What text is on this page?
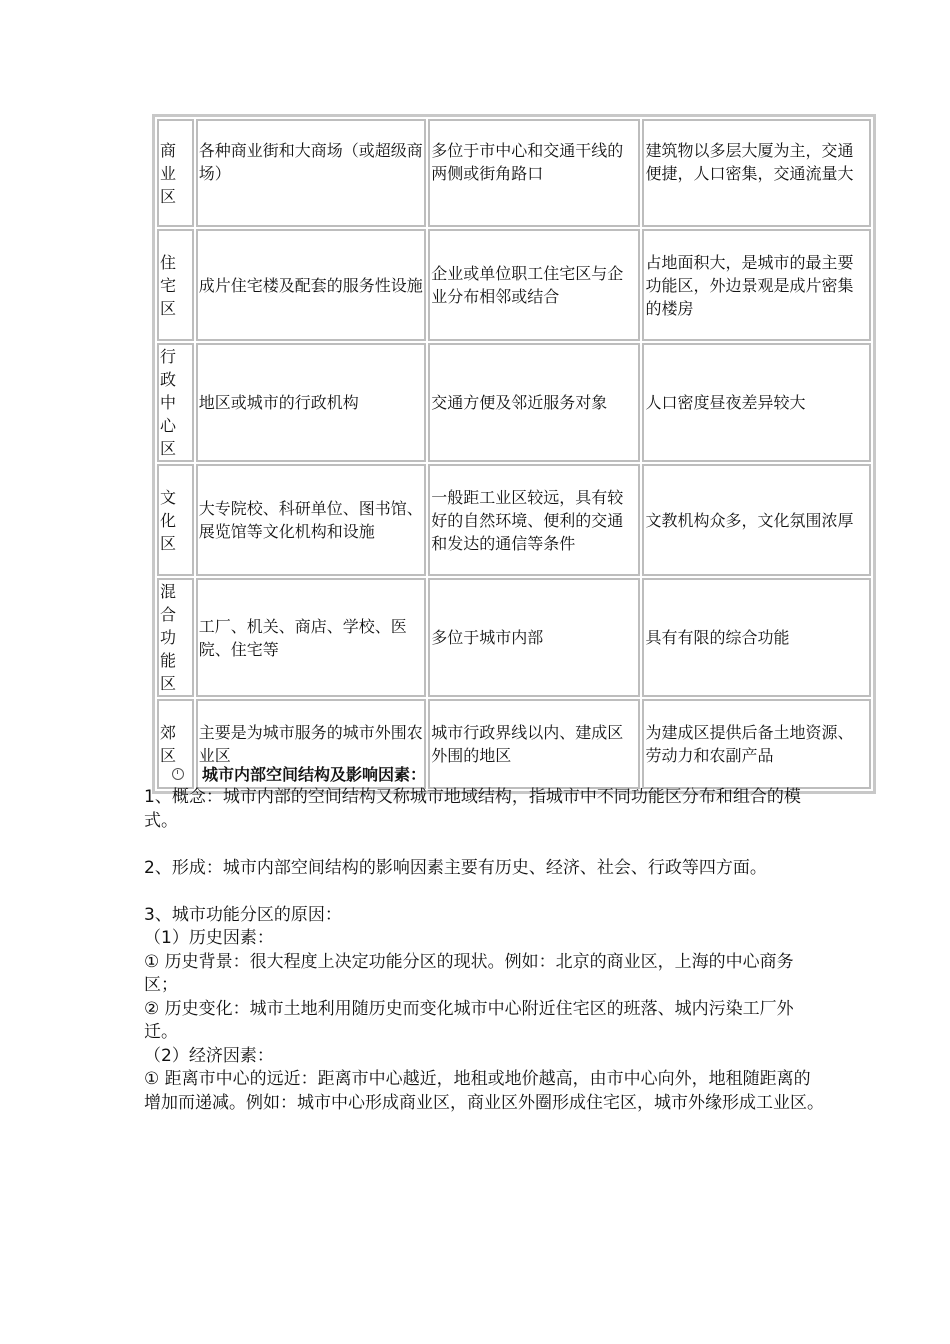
商业区	各种商业街和大商场（或超级商场）	多位于市中心和交通干线的两侧或街角路口	建筑物以多层大厦为主，交通便捷，人口密集，交通流量大
住宅区	成片住宅楼及配套的服务性设施	企业或单位职工住宅区与企业分布相邻或结合	占地面积大，是城市的最主要功能区，外边景观是成片密集的楼房
行政中心区	地区或城市的行政机构	交通方便及邻近服务对象	人口密度昼夜差异较大
文化区	大专院校、科研单位、图书馆、展览馆等文化机构和设施	一般距工业区较远，具有较好的自然环境、便利的交通和发达的通信等条件	文教机构众多，文化氛围浓厚
混合功能区	工厂、机关、商店、学校、医院、住宅等	多位于城市内部	具有有限的综合功能
郊区	主要是为城市服务的城市外围农业区	城市行政界线以内、建成区外围的地区	为建成区提供后备土地资源、劳动力和农副产品
城市内部空间结构及影响因素：

1、概念：城市内部的空间结构又称城市地域结构，指城市中不同功能区分布和组合的模式。

2、形成：城市内部空间结构的影响因素主要有历史、经济、社会、行政等四方面。

3、城市功能分区的原因：

（1）历史因素：

① 历史背景：很大程度上决定功能分区的现状。例如：北京的商业区，上海的中心商务区；

② 历史变化：城市土地利用随历史而变化城市中心附近住宅区的班落、城内污染工厂外迁。

（2）经济因素：

① 距离市中心的远近：距离市中心越近，地租或地价越高，由市中心向外，地租随距离的增加而递减。例如：城市中心形成商业区，商业区外圈形成住宅区，城市外缘形成工业区。
